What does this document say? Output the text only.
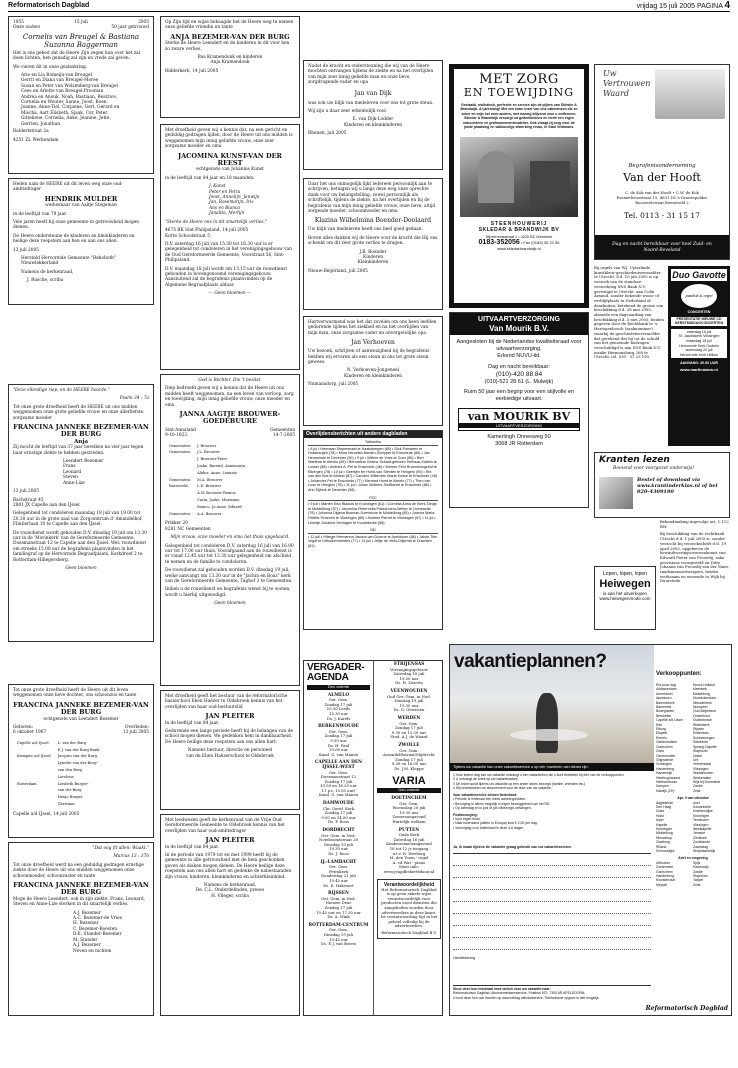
Reformatorisch Dagblad	vrijdag 15 juli 2005 PAGINA 4
1955	15 juli	2005
Onze ouders	50 jaar getrouwd

Cornelis van Breugel & Bastiana Suzanna Baggerman

Het is ons gebed dat de Heere Zijn zegen hun over het zal doen lichten, hen genadig zal zijn en vrede zal geven.

We vieren dit in onze gezinskring.

Arie en Lia Romeijn-van Breugel
Gerrit en Diana van Breugel-Moree
Susan en Peter van Wolzenberg-van Breugel
Cees en Arlette van Breugel-Prooman
Andrea en Anouk, Noah, Bastiaan, Beatrice,
Cornelia en Wouter, Sanne, Joost, Koen,
Joanne, Anne-Tiel, Corjanne, Gert, Gerard en
Mischa, Aart Elisbeth, Sjaak, Cor, Peter,
Gitteliene, Cornelia, Anke, Jeanine, Jette,
Gerrien, Jonathan

Baldertstraat 2a

4251 ZL Werkendam

Heden nam de HEERE uit dit leven weg onze oud-ambtsdrager

HENDRIK MULDER

weduwnaar van Aaltje Stegeman

in de leeftijd van 79 jaar.

Velе jaren heeft hij onze gemeente in getrouwheid mogen dienen.

De Heere ondersteune de kinderen en kleinkinderen en heilige deze roepstem aan hen en aan ons allen.

13 juli 2005

Hersteld Hervormde Gemeente "Rehoboth" Nieuwlekkerland

Namens de kerkenraad,

J. Rusche, scriba

"Deze ellendige riep, en de HEERE hoorde."

Psalm 34 : 7a

Tot onze grote droefheid heeft de HEERE uit ons midden weggenomen onze grote geliefde vrouw en onze allerliefste, zorgzame moeder

FRANCINA JANNEKE BEZEMER-VAN DER BURG
Anja

Zij mocht de leeftijd van 37 jaar bereiken na vier jaar tegen haar ernstige ziekte te hebben gestreden.

Leendert Bezemer
Frans
Leonard
Steven
Anne-Lize

13 juli 2005

Bachstraat 45

2801 JX Capelle aan den IJssel

Gelegenheid tot condoleren maandag 18 juli van 19.00 tot 20.30 uur in de grote zaal van Zorgcentrum d' Amandelhof, Flintierlaan 10 te Capelle aan den IJssel.

De rouwdienst wordt gehouden D.V. dinsdag 19 juli om 13.30 uur in de 'Morinkerk' van de Gereformeerde Gemeente, Doesmanstraat 12 te Capelle aan den IJssel. Wel: rouwdienst om streeks 15.00 uur de begrafenis plaatsvinden in het familiegraf op de Hervormde Begraafplaats, Kerkdreef 2 te Rotterdam-Hillegersberg.

Geen bloemen

Tot onze grote droefheid heeft de Heere uit dit leven weggenomen onze lieve dochter, ons schoonzus en tante

FRANCINA JANNEKE BEZEMER-VAN DER BURG

echtgenote van Leendert Bezemer

Geboren:
6 oktober 1967
Overleden:
13 juli 2005
Capelle a/d IJssel:	L. van der Burg
	E.J. van der Burg-Bunk
Krimpen a/d IJssel:	Jacques van der Burg
	Lynette van der Burg-
	van den Berg
	Lorelene
Rotterdam:	Liesbeth Burger-
	van der Burg
	Henjo Burger
	Christian

Capelle a/d IJssel, 14 juli 2005

"Dat oog fit allen: Waakt."

Marcus 13 : 37b

Tot onze droefheid werd na een geduldig gedragen ernstige ziekte door de Heere uit ons midden weggenomen onze schoonmoeder, schoonzuster en tante

FRANCINA JANNEKE BEZEMER-VAN DER BURG

Moge de Heere Leendert, ook in zijn ziekte, Frans, Leonard, Steven en Anne-Lize sterken in dit smartelijk verlies.

A.J. Bezemer
A.C. Bezemer-de Vries
H. Bezemer
C. Bezemer-Boesten
D.E. Stander-Bezemer
M. Stander
A.J. Bezemer
Neven en nichten

Op Zijn tijd en wijze behaagde het de Heere weg te nemen onze geliefde vriendin en tante

ANJA BEZEMER-VAN DER BURG

Sterke de Heere Leendert en de kinderen in dit voor hen zo zware verlies.

Bas Kramendonk en kinderen

Anja Kramendonk

Ridderkerk, 14 juli 2005

Met droefheid geven wij u kennis dat, na een gericht en geduldig gedragen lijden, door de Heere uit ons midden is weggenomen mijn innig geliefde vrouw, onze zeer zorgzame moeder en oma

JACOMINA KUNST-VAN DER REEST

echtgenote van Johannis Kunst

in de leeftijd van 84 jaar en 18 maanden.

J. Kunst
Peter en Petra
Joost, Annelijn, Janwijn
Jan, Rosemarijn, Iris
Ans en Bianca
Janalita, Merlijn

"Sterke de Heere ons in dit smartelijk verlies."

4675 BK Sint-Philipsland, 14 juli 2005

Korte Schoolstraat 5

D.V. zaterdag 16 juli van 15.30 tot 16.30 uur is er gelegenheid tot condoleren in het verenigingsgebouw van de Oud Gereformeerde Gemeente, Voorstraat 56, Sint-Philipsland.

D.V. maandag 18 juli wordt om 13.15 uur de rouwdienst gehouden in bovengenoemd verenigingsgebouw. Aansluitend zal de begrafenis plaatsvinden op de Algemene Begraafplaats aldaar.

— Geen bloemen —

God is Rechter, Die 't beslist.

Diep bedroefd geven wij u kennis dat de Heere uit ons midden heeft weggenomen, na een leven van verloop, zorg en toewijding, mijn innig geliefde vrouw, onze moeder en oma

JANNA AAGTJE BROUWER-GOEDEBUURE
Sint-Annaland	Gemeenten
9-10-1923	14-7-2005
Gemeenten:	J. Brouwer
Gemeenten:	J.L. Brouwer
	J. Brouwer-Pater
	Joake, Barend, Annemarie,
	Alidus, Anne, Lennart
Gemeenten:	M.A. Brouwer
Barneveld:	L.E. Brouwer
	A.W. Brouwer-Remus
	Carin, Joake, Marianne,
	Remco, Jo-Anne, Eduard
Gemeenten:	A.A. Brouwer

Prikker 20

8281 NC Gemeenten

Mijn vrouw, onze moeder en oma liet thuis opgebaard.

Gelegenheid tot condoleren D.V. zaterdag 16 juli van 16.00 uur tot 17.00 uur thuis. Voorafgaand aan de rouwdienst is er vanaf 12.45 uur tot 13.30 uur gelegenheid om afscheid te nemen en de familie te condoleren.

De rouwdienst zal gehouden worden D.V. dinsdag 19 juli, welke aanvangt om 13.30 uur in de "Jachin en Boaz" kerk van de Gereformeerde Gemeente, Taghof 3 te Gemeenten.

Indien u de rouwdienst en begrafenis wenst bij te wonen, wordt u hierbij uitgenodigd.

Geen bloemen

Met droefheid geeft het bestuur van de reformatorische basisschool Eben Haëzer te Oldebroek kennis van het overlijden van haar oud-bestuurslid

JAN PLEITER

in de leeftijd van 84 jaar.

Gedurende een lange periode heeft hij de belangen van de school mogen dienen. We gedenken hem in dankbaarheid. De Heere heilige deze roepstem aan ons allen hart.

Namens bestuur, directie en personeel

van de Eben Haëzerschool te Oldebroek

Met leedwezen geeft de kerkenraad van de Vrije Oud Gereformeerde Gemeente te Oldebroek kennis van het overlijden van haar oud-ambtsdrager

JAN PLEITER

in de leeftijd van 84 jaar.

In de periode van 1979 tot en met 1999 heeft hij de gemeente in alle getrouwheid met de hem geschonken gaven als diaken mogen dienen. De Heere heilige deze roepstem aan ons allen hart en gedenke de nabestaanden zijn vrouw, kinderen, kleinkinderen en achterkleinkind.

Namens de kerkenraad,

De. C.L. Onderdelinden, preses

H. Vlieger, scriba

Nadat de kracht en ondersteuning die wij van de Heere mochten ontvangen tijdens de ziekte en na het overlijden van mijn zeer innig geliefde man en onze lieve, zorgdragende vader en opa

Jan van Dijk

was ook uw blijk van medeleven voor ons tot grote steun.

Wij zijn u daar zeer erkentelijk voor.

E. van Dijk-Lodder

Kinderen en kleinkinderen

Rhenen, juli 2005

Daar het ons onmogelijk lijkt iedereen persoonlijk aan te schrijven, betuigen wij u langs deze weg onze oprechte dank voor uw belangstelling, zowel persoonlijk als schriftelijk, tijdens de ziekte, na het overlijden en bij de begrafenis van mijn innig geliefde vrouw, onze lieve, altijd zorgende moeder, schoonmoeder en oma

Klazina Wilhelmina Boender-Doolaard

Uw blijk van medeleven heeft ons heel goed gedaan.

Boven alles danken wij de Heere voor de kracht die Hij ons schenkt om dit zeer grote verlies te dragen.

J.B. Boender

Kinderen

Kleinkinderen

Nieuw-Beijerland, juli 2005

Hartverwarmend was het dat zovelen om ons heen leefden gedurende tijdens het ziekbed en na het overlijden van mijn man, onze zorgzame vader en onvergetelijke opa

Jan Verhoeven

Uw bezoek, schrijven of aanwezigheid bij de begrafenis hebben wij ervaren als een steun in ons tot grote steun gewees.

N. Verhoeven-Jongeneel

Kinderen en kleinkinderen

Numansdorp, juli 2005

Overlijdensberichten uit andere dagbladen
Talbantha

• 8 jul • Hermaan Diepenmaat te Haaksbergen (65) • Dick Ponsteen te Hoksbergen (78) • Mina Hendrika Barden-Schipper te Enschede (86) • Jan Hermeinde te Deventer (90) • 9 jul • Willem de Vries te Goor (86) • Bert Wartena te Almelo (69) • Bernadina Gesina Schaaf-geboren Helhaas-Kaltein te Losser (85) • Andries A. Pel te Enschede (48) • Werner Fehr Bruemmingshof te Eibergen (78) • 10 jul • Geertjen ter Horst-van Stenten te Hengelo (90) • Rie van den Bos te Almelo (87) • Caroline Willemien Maria Kosse te Enschede (48) • Johannes Pel te Enschede (77) • Bernard Horst te Almelo (77) • Theo van Loon te Hengelo (78) • 11 jul • Johan Wolbers-Swiftoerst te Enschede (86) • Anu Dijkerk te Deventer (58).

PZC

• 9 juli • Marten Elso Blaauw te Kruiningen (61) • Cornelia Anna de Kierk-Tange te Middelburg (67) • Jacomina Pieternella Platschoem-Weber te Overzande (79) • Johanna Digena Bosman-Dominicus te Middelburg (85) • Joanna Maria Peitfiet-Scheven te Vlissingen (85) • Andries Pierret te Vlissingen (87) • 11 jul • Leentje Johanna Verhagen te Koudekerke (88).

ND

• 12 juli • Hillegje Hermanna Jacoba van Doorne te Apeldoorn (86) • Jakob Ties Vogel te Uithuizermeeden (77) • 13 juli • Jeltje de Vries-Dijkema te Drachten (81).

VERGADER-AGENDA
Deo volente
ALMELO
Ger. Gem.
Zondag 17 juli
10.30 Leeds
15.30 uur
Ds. J. Karels
BERKENWOUDE
Ger. Gem.
Zondag 17 juli
9.30 uur
Ds. H. Paul
19.00 uur
Kand. G. van Manen
CAPELLE AAN DEN IJSSEL-WEST
Ger. Gem.
Doesmanstraat 12
Zondag 17 juli
10.00 en 16.30 uur
11 p.r. 15.00 uur)
Kand. G. van Manen
DAMWOUDE
Chr. Geref. Kerk
Zondag 17 juli
9.00 en 14.00 uur
Ds. P. Roos
DORDRECHT
Ger. Gem. in Ned.
Noteboomtstraat 28
Dinsdag 19 juli
19.30 uur
Ds. J. Roos
IJ.-LAMBACHT
Ger. Gem.
Petrakerk
Donderdag 21 juli
19.45 uur
Ds. E. Hakvoort
RIJSSEN
Ger. Gem. in Ned.
Nieuwe Deur
Zondag 17 juli
10.45 uur en 17.30 uur
Ds. A. Wink
ROTTERDAM-CENTRUM
Ger. Gem.
Dinsdag 19 juli
19.45 uur
Ds. E.J. van Boven
STRIJENSAS
Verenigingsgebouw
Zaterdag 16 juli
19.30 uur
Ds. H. Zwierts
VEENWOUDEN
Oud Ger. Gem. in Ned.
Dinsdag 19 juli
19.30 uur
Ds. G. Gerritsen
WERDEN
Ger. Gem.
Zondag 17 juli
9.30 en 15.30 uur
Stud. A.J. de Waard
ZWOLLE
Ger. Gem.
Assendelftstraat/Mijdrecht
Zondag 17 juli
9.30 en 16.00 uur
Ds. J.M. Kleppe
VARIA
Deo volente
DOETINCHEM
Ger. Gem.
Woensdag 20 juli
19.30 uur
Zomerzangavond
Hartelijk welkom
PUTTEN
Oude Kerk
Zaterdag 16 juli
Kinderzomerzangavond
18 tot 12 jr toegang
a.t.v. R. Weeberg
M. den Toom - orgel
A. vd Wat - piano
Meer info:
www.jeugdbekertiekoor.nl
Verantwoordelijkheid
Het Reformatorisch Dagblad is op geen enkele wijze verantwoordelijk voor producten en/of diensten die aangeboden worden door adverteerders in deze krant. De verantwoording ligt in het geheel volledig bij de adverteerders.
Reformatorisch Dagblad B.V.
MET ZORG
EN TOEWIJDING
Gestaald, realistisch, perfectie en service zijn de pijlers van Skleder & Brandwijk. Al jarenlang! Met een team inzet van ons vakmensen die zo zeker en mijn het ruim anders, met nazorg blijvend voor u ontfermen. Skleder & Brandwijk verzorgt uit gedenktekens en heeft een eigen natuursteen en grafmonumentenatelier. Ook vraagt zij zorg voor de juiste plaatsing en vakkundige afwerking ervan, in Stad Veldmans.
STEENHOUWERIJ
SKLEDAR & BRANDWIJK BV
Nijverheidsstraat 1 • 4220 BC Meerkerk
0183-352056 • Fax (0183) 35 22 56
www.skledarbrandwijk.nl
UITVAARTVERZORGING
Van Mourik B.V.
Aangesloten bij de Nederlandse kwaliteitsraad voor uitvaartverzorging.
Erkend NUVU-lid.
Dag en nacht bereikbaar:
(010)-420 88 84
(010)-521 28 61 (L. Mulwijk)
Ruim 50 jaar een begrip voor een stijlvolle en eerbiedige uitvaart.
van MOURIK BV
UITVAARTVERZORGING
Kamerlingh Onneswеg 50
3068 JR Rotterdam
Uw
Vertrouwen
Waard
Begrafenisonderneming
Van der Hooft
C. de Kok van der Hooft • C.W. de Kok Prometheusstraat 15, 4631 DC's-Gravenpolder Roosevelstraat Boeneveld 2
Tel. 0113 - 31 15 17
Dag en nacht bereikbaar voor heel Zuid- en Noord-Beveland

Bij orgels van W.J. Uyterlinde, kunstkleur-geschiedenisvermelder te Utrecht, d.d. 10 juli 2005 is op verzoek van de standsse-verzoek/ing SNS Bank N.V. gevestigd te Utrecht, aan Colin Arnaud, zonder bekende woon- of verblijfplaats in Nederland of daarbuiten, betekend de grosse van beschikking d.d. 28 mei 2005, alsmede een dagvaarding van beschikking d.d. 3 mei 2005, beiden gegeven door de Rechtbank te 's-Hertogenbosch (zaaknummer) waarbij de geschiedenisvermelder dat gerekend dat hij tot de schuld van het genoemde bedragen verschuldigd is aan SNS Bank N.V. inzake Hermonsburg 268 te Utrecht, tel. 030 - 31 23 190.

Duo Gavotte
panfluit & orgel
CONCERTEN
PRESENTATIE NIEUWE CD
KERSTMIDDAGCONCERTEN
zaterdag 16 juli
St. Jacobskerk Vlissingen
maandag 18 juli
Hervormde Kerk Ouderiz
woensdag 20 juli
Hervormde Kerk Hellum
AANVANG: 20.00 UUR
www.martinmans.nl
Kranten lezen
Boeiend voor voorgezet onderwijs!
Bestel of download via www.krantinderklas.nl of bel 020-4309190

Bekendmaking ingevolge art. 1:112 BW.

Bij beschikking van de rechtbank Utrecht d.d. 1 juli 2005 is, zonder verzocht bij verzoekschrift d.d. 19 april 2005, opgeheven de bewindvoeringsovereenkomst van Edward Pieter van Prooedij, zake provisions voorgesteld en Ditty Johanna van Prooedij-van der Maer, raadsmansontwerpers, beiden werkzaam en wonende te Wijk bij Duurstede.

Lopen, lopen, lopen
Heiwegen
is aan het uitverkopen
www.heiwegenmode.com
vakantieplannen?
Verkooppunten:
Tijdens uw vakantie kan onze vakantieservice u op vier manieren van dienst zijn:
1 Voor iedere dag van uw vakantie ontvangt u een vakantiebon die u kunt besteden bij één van de verkooppunten.
2 U ontvangt de krant op uw vakantieadres.
3 De krant wordt tijdens uw vakantie op een ander adres bezorgd (familie, vrienden etc.).
4 Wij onderbreken uw abonnement voor de duur van uw vakantie.
Voor vakantieservice binnen Nederland:
• Periode is minimaal één week aaneengesloten.
• Bezorging is alleen mogelijk in eigen bezorggebied van het RD.
• Op zaterdag en in juni of juli uitbezorgd ontvangen.
Postbezorging:
• Voor eigen risico.
• Naar buitenland (alleen in Europa) kost € 2,00 per dag.
• Verzorging voor buitenland is deze 3-6 dagen.
Ja, ik maak tijdens de vakantie graag gebruik van uw vakantieservice.
Handtekening
Stuur deze bon minimaal twee weken voor uw vakantie naar:
Reformatorisch Dagblad, Abonnementsenservice, Postbus 670, 7300 AR APELDOORN.
U kunt deze bon ook invullen op www.rdfdag.nl/krantservice. Telefonische opgave is niet mogelijk.
Rot jouw dag
Alblasserdam
Amersfoort
Apeldoorn
Barendrecht
Barneveld
Bodegraven
Breukelen
Capelle a/d IJssel
Ede
Elburg
Elspeet
Ermelo
Geldermalsen
Gorinchem
Goes
Genemuiden
Grijpskerke
Groningen
Hardenberg
Harderwijk
Heerhugowaard
Hellevoetsluis
Kampen
Katwijk (ZH)
Noord-Holland
Meerkerk
Middelburg
Monnickendam
Nieuwerkerk
Nunspeet
Oud-Beijerland
Oosterhout
Oudenbosch
Ridderkerk
Rijssen
Rotterdam
Scheveningen
Sliedrecht
Sprang-Capelle
Staphorst
Uddel
Urk
Veenendaal
Vlissingen
Waddinxveen
Werkendam
Wijk bij Duurstede
Zwolle
Zeist
Apr. li van uitnodoe
Aagtekerke
Den Haag
Goes
Hulst
Ieper
Kapelle
Kruiningen
Middelburg
Nieuwdorp
Oostburg
Rilland
Schoondijke
Axel
Koudekerke
Krabbendijke
Kruiningen
Terneuzen
Vlissingen
Westkapelle
Yerseke
Zierikzee
Zoutelande
Zaamslag
Wolphaartsdijk
Ariel en omgeving
Uithuizen
Zoetermeer
Gorinchem
Hardenberg
Kloosterhaar
Meppel
Spijk
Haulerwijk
Zwolle
Staphorst
Twijzel
Zeist
Reformatorisch Dagblad
